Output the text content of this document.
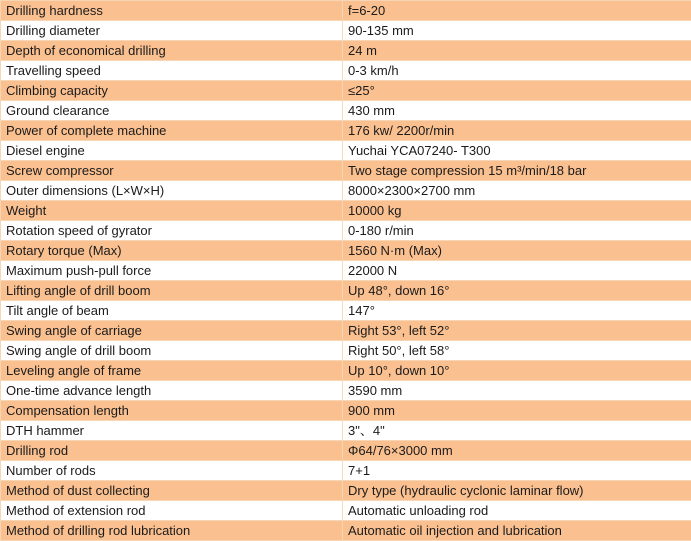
Drilling hardness	f=6-20
Drilling diameter	90-135 mm
Depth of economical drilling	24 m
Travelling speed	0-3 km/h
Climbing capacity	≤25°
Ground clearance	430 mm
Power of complete machine	176 kw/ 2200r/min
Diesel engine	Yuchai YCA07240- T300
Screw compressor	Two stage compression 15 m³/min/18 bar
Outer dimensions (L×W×H)	8000×2300×2700 mm
Weight	10000 kg
Rotation speed of gyrator	0-180 r/min
Rotary torque (Max)	1560 N·m (Max)
Maximum push-pull force	22000 N
Lifting angle of drill boom	Up 48°, down 16°
Tilt angle of beam	147°
Swing angle of carriage	Right 53°, left 52°
Swing angle of drill boom	Right 50°, left 58°
Leveling angle of frame	Up 10°, down 10°
One-time advance length	3590 mm
Compensation length	900 mm
DTH hammer	3"、4"
Drilling rod	Φ64/76×3000 mm
Number of rods	7+1
Method of dust collecting	Dry type (hydraulic cyclonic laminar flow)
Method of extension rod	Automatic unloading rod
Method of drilling rod lubrication	Automatic oil injection and lubrication
